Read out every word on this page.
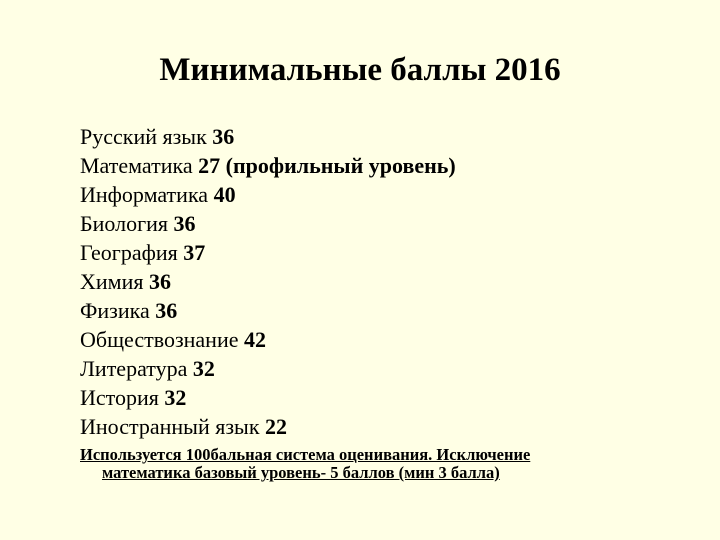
Минимальные баллы 2016
Русский язык 36
Математика 27 (профильный уровень)
Информатика 40
Биология 36
География 37
Химия 36
Физика 36
Обществознание 42
Литература 32
История 32
Иностранный язык 22
Используется 100бальная система оценивания. Исключение
математика базовый уровень- 5 баллов (мин 3 балла)
